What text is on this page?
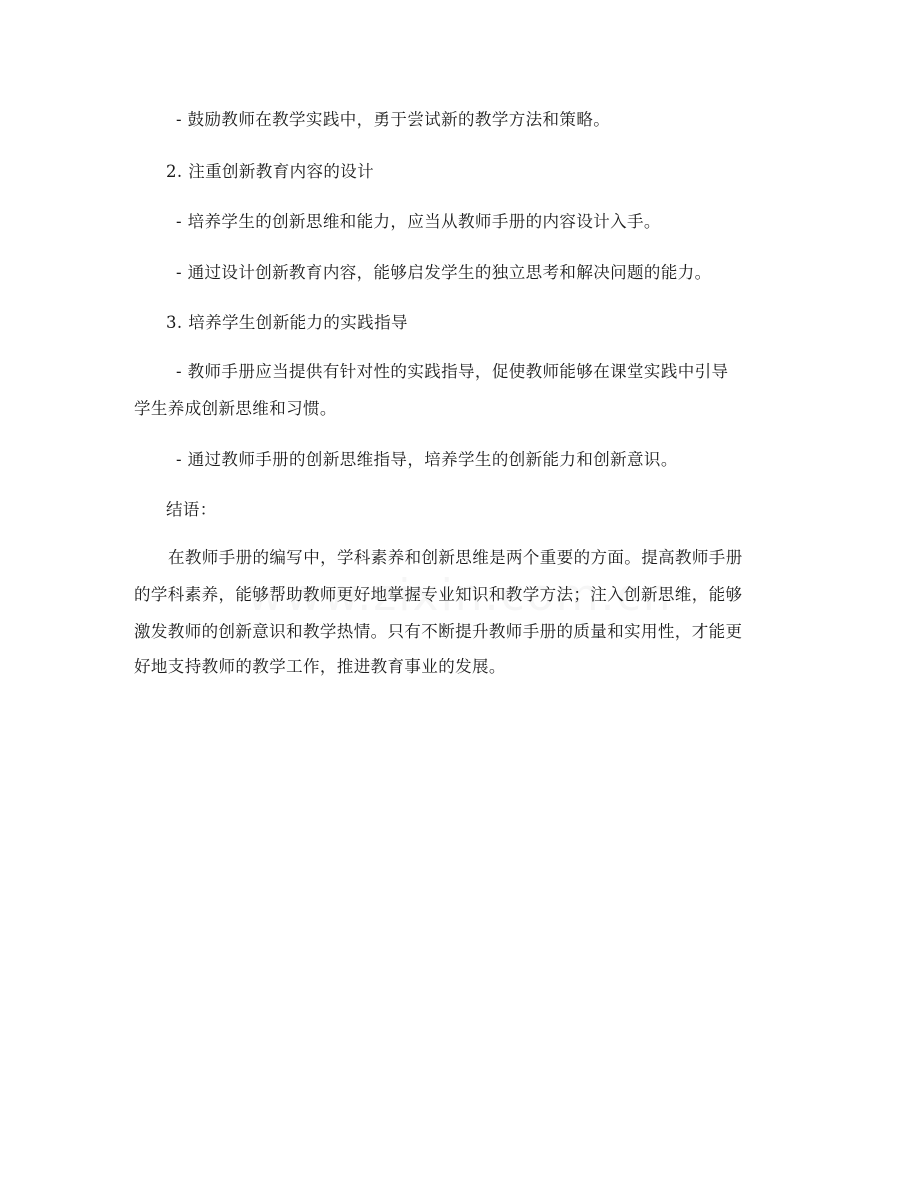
- 鼓励教师在教学实践中，勇于尝试新的教学方法和策略。
2. 注重创新教育内容的设计
- 培养学生的创新思维和能力，应当从教师手册的内容设计入手。
- 通过设计创新教育内容，能够启发学生的独立思考和解决问题的能力。
3. 培养学生创新能力的实践指导
- 教师手册应当提供有针对性的实践指导，促使教师能够在课堂实践中引导
学生养成创新思维和习惯。
- 通过教师手册的创新思维指导，培养学生的创新能力和创新意识。
结语：
在教师手册的编写中，学科素养和创新思维是两个重要的方面。提高教师手册
的学科素养，能够帮助教师更好地掌握专业知识和教学方法；注入创新思维，能够
激发教师的创新意识和教学热情。只有不断提升教师手册的质量和实用性，才能更
好地支持教师的教学工作，推进教育事业的发展。
